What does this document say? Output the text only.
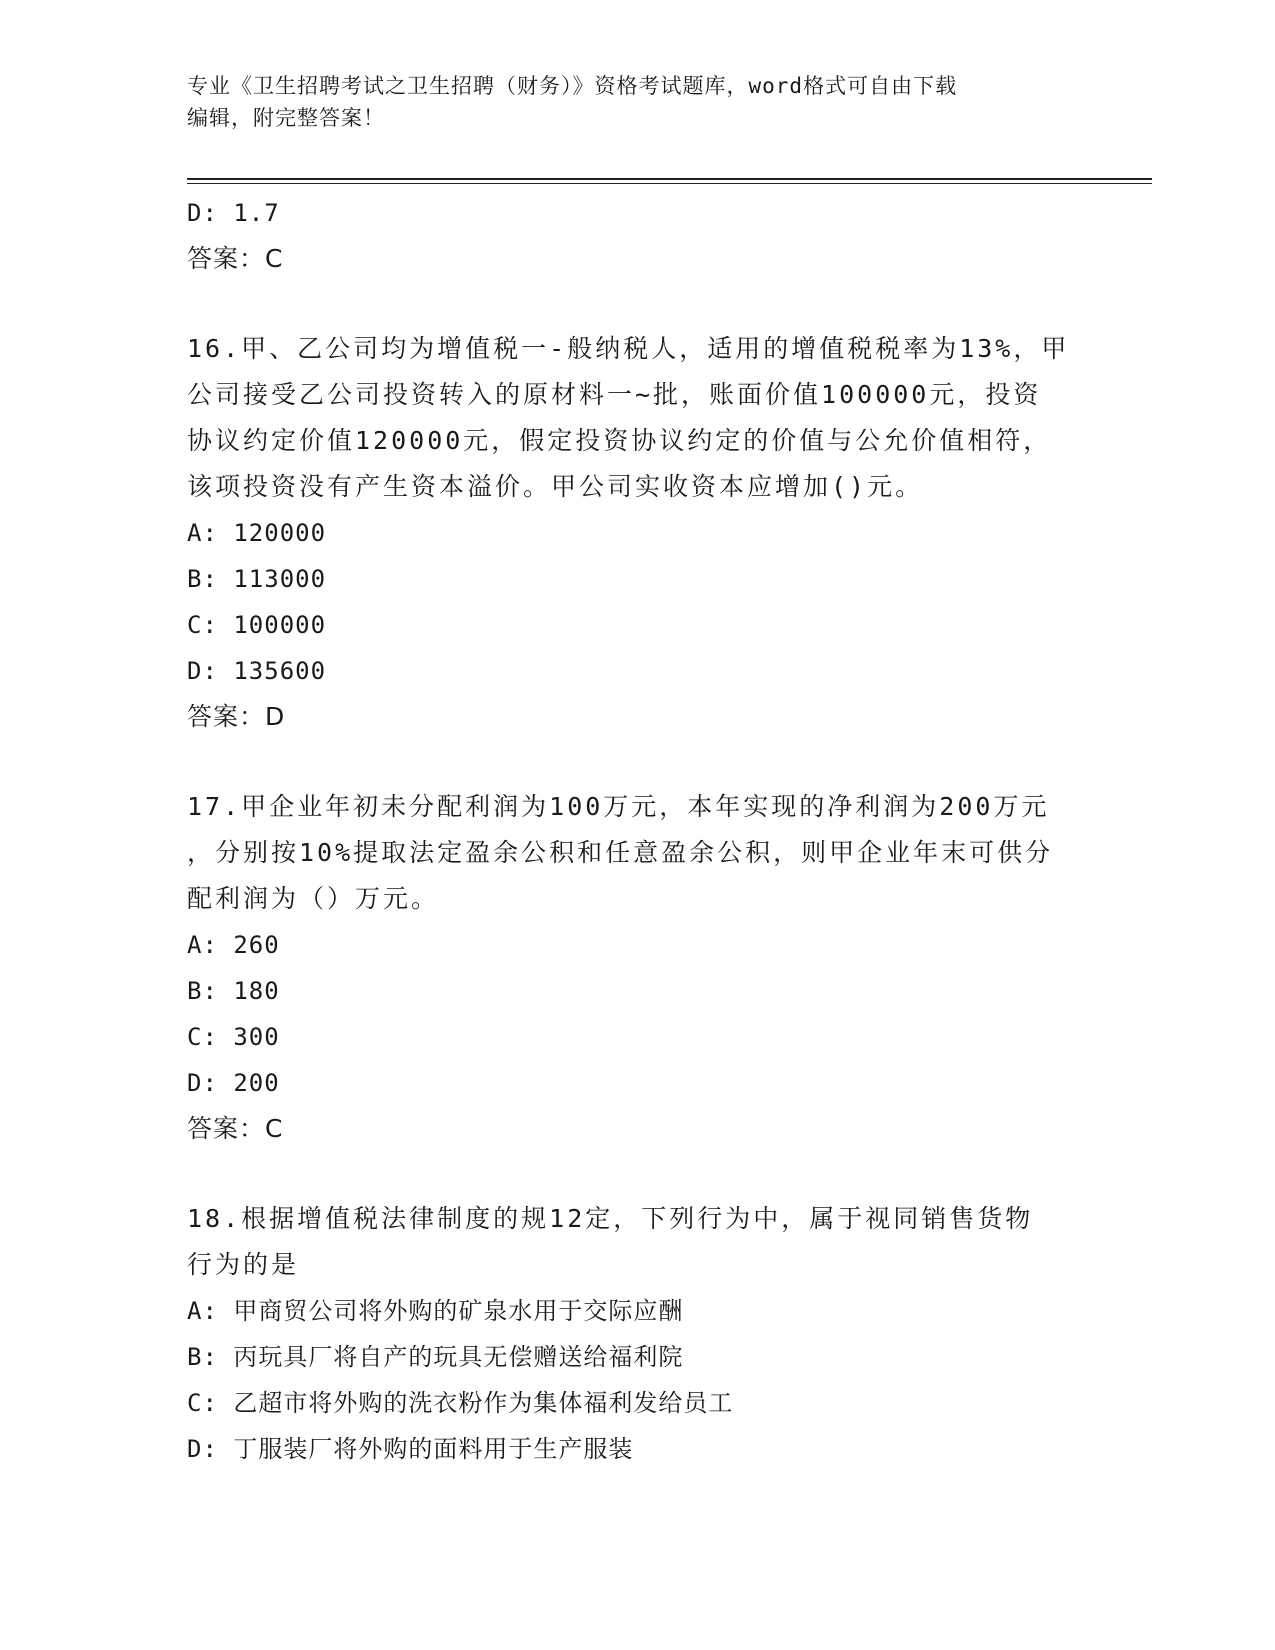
专业《卫生招聘考试之卫生招聘（财务）》资格考试题库，word格式可自由下载
编辑，附完整答案！
D: 1.7
答案：C
16.甲、乙公司均为增值税一-般纳税人，适用的增值税税率为13%，甲
公司接受乙公司投资转入的原材料一~批，账面价值100000元，投资
协议约定价值120000元，假定投资协议约定的价值与公允价值相符，
该项投资没有产生资本溢价。甲公司实收资本应增加()元。
A: 120000
B: 113000
C: 100000
D: 135600
答案：D
17.甲企业年初未分配利润为100万元，本年实现的净利润为200万元
，分别按10%提取法定盈余公积和任意盈余公积，则甲企业年末可供分
配利润为（）万元。
A: 260
B: 180
C: 300
D: 200
答案：C
18.根据增值税法律制度的规12定，下列行为中，属于视同销售货物
行为的是
A: 甲商贸公司将外购的矿泉水用于交际应酬
B: 丙玩具厂将自产的玩具无偿赠送给福利院
C: 乙超市将外购的洗衣粉作为集体福利发给员工
D: 丁服装厂将外购的面料用于生产服装
